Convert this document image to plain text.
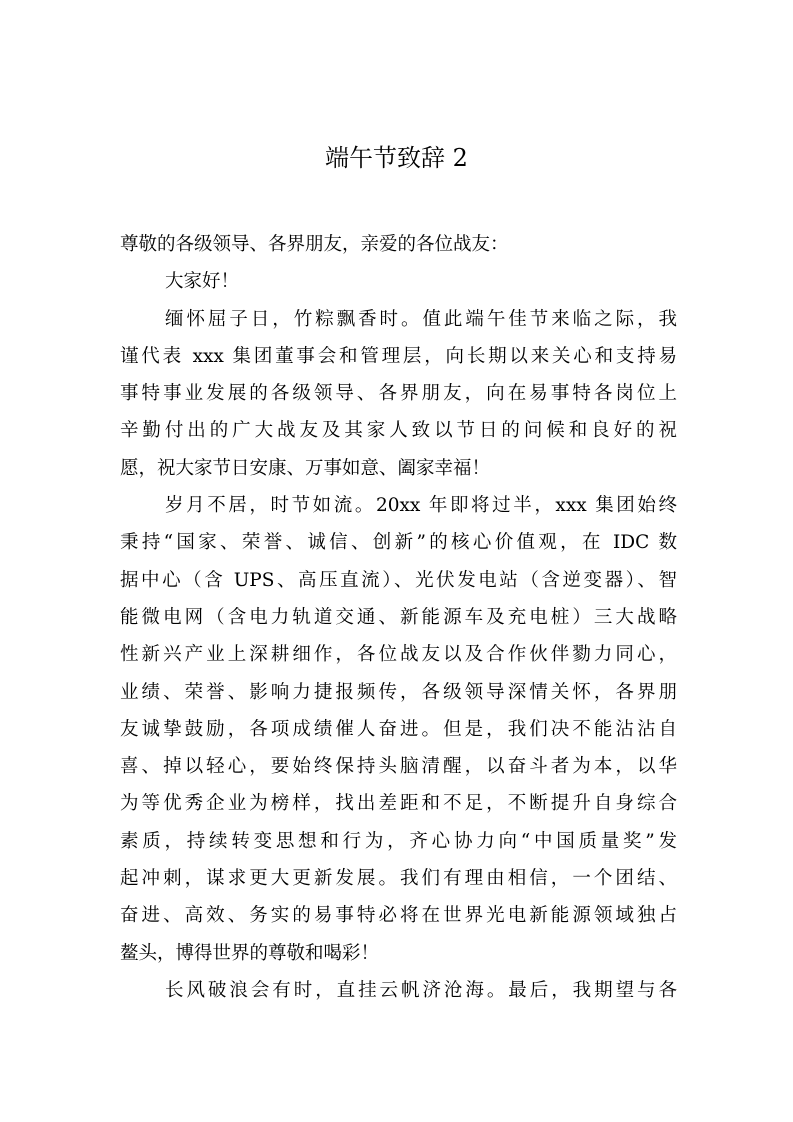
端午节致辞 2
尊敬的各级领导、各界朋友，亲爱的各位战友：
大家好！
缅怀屈子日，竹粽飘香时。值此端午佳节来临之际，我
谨代表 xxx 集团董事会和管理层，向长期以来关心和支持易
事特事业发展的各级领导、各界朋友，向在易事特各岗位上
辛勤付出的广大战友及其家人致以节日的问候和良好的祝
愿，祝大家节日安康、万事如意、阖家幸福！
岁月不居，时节如流。20xx 年即将过半，xxx 集团始终
秉持“国家、荣誉、诚信、创新”的核心价值观，在 IDC 数
据中心（含 UPS、高压直流）、光伏发电站（含逆变器）、智
能微电网（含电力轨道交通、新能源车及充电桩）三大战略
性新兴产业上深耕细作，各位战友以及合作伙伴勠力同心，
业绩、荣誉、影响力捷报频传，各级领导深情关怀，各界朋
友诚挚鼓励，各项成绩催人奋进。但是，我们决不能沾沾自
喜、掉以轻心，要始终保持头脑清醒，以奋斗者为本，以华
为等优秀企业为榜样，找出差距和不足，不断提升自身综合
素质，持续转变思想和行为，齐心协力向“中国质量奖”发
起冲刺，谋求更大更新发展。我们有理由相信，一个团结、
奋进、高效、务实的易事特必将在世界光电新能源领域独占
鳌头，博得世界的尊敬和喝彩！
长风破浪会有时，直挂云帆济沧海。最后，我期望与各
